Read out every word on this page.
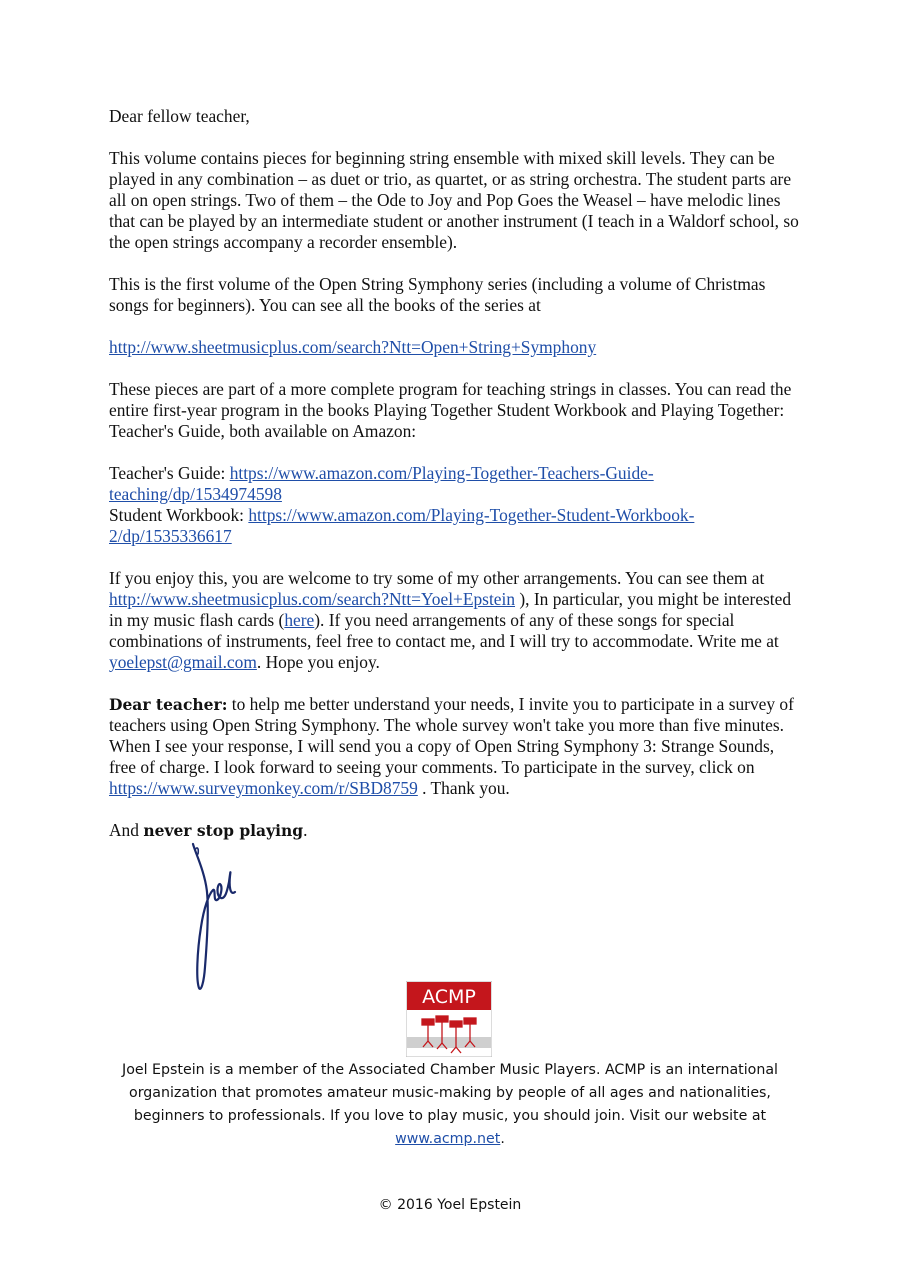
Dear fellow teacher,

This volume contains pieces for beginning string ensemble with mixed skill levels. They can be played in any combination – as duet or trio, as quartet, or as string orchestra. The student parts are all on open strings. Two of them – the Ode to Joy and Pop Goes the Weasel – have melodic lines that can be played by an intermediate student or another instrument (I teach in a Waldorf school, so the open strings accompany a recorder ensemble).

This is the first volume of the Open String Symphony series (including a volume of Christmas songs for beginners). You can see all the books of the series at

http://www.sheetmusicplus.com/search?Ntt=Open+String+Symphony

These pieces are part of a more complete program for teaching strings in classes. You can read the entire first-year program in the books Playing Together Student Workbook and Playing Together: Teacher's Guide, both available on Amazon:

Teacher's Guide: https://www.amazon.com/Playing-Together-Teachers-Guide-teaching/dp/1534974598

Student Workbook: https://www.amazon.com/Playing-Together-Student-Workbook-2/dp/1535336617

If you enjoy this, you are welcome to try some of my other arrangements. You can see them at http://www.sheetmusicplus.com/search?Ntt=Yoel+Epstein ), In particular, you might be interested in my music flash cards (here). If you need arrangements of any of these songs for special combinations of instruments, feel free to contact me, and I will try to accommodate. Write me at yoelepst@gmail.com. Hope you enjoy.

Dear teacher: to help me better understand your needs, I invite you to participate in a survey of teachers using Open String Symphony. The whole survey won't take you more than five minutes. When I see your response, I will send you a copy of Open String Symphony 3: Strange Sounds, free of charge. I look forward to seeing your comments. To participate in the survey, click on https://www.surveymonkey.com/r/SBD8759 . Thank you.

And never stop playing.

ACMP
Joel Epstein is a member of the Associated Chamber Music Players. ACMP is an international organization that promotes amateur music-making by people of all ages and nationalities, beginners to professionals. If you love to play music, you should join. Visit our website at www.acmp.net.
© 2016 Yoel Epstein
